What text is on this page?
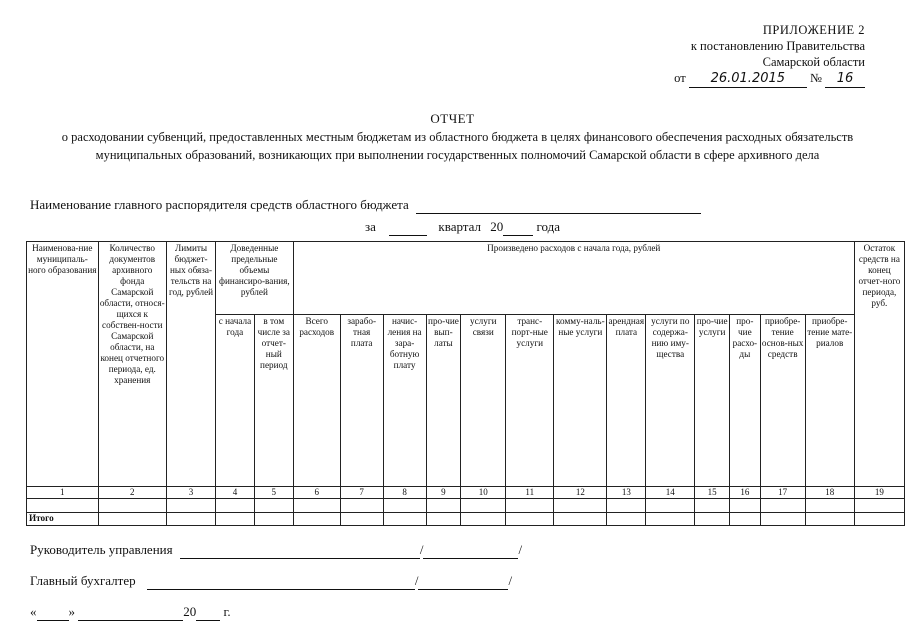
ПРИЛОЖЕНИЕ 2
к постановлению Правительства
Самарской области
от 26.01.2015 № 16
ОТЧЕТ
о расходовании субвенций, предоставленных местным бюджетам из областного бюджета в целях финансового обеспечения расходных обязательств муниципальных образований, возникающих при выполнении государственных полномочий Самарской области в сфере архивного дела
Наименование главного распорядителя средств областного бюджета
за	квартал 20	года
Наименова-ние муниципаль-ного образования	Количество документов архивного фонда Самарской области, относя-щихся к собствен-ности Самарской области, на конец отчетного периода, ед. хранения	Лимиты бюджет-ных обяза-тельств на год, рублей	Доведенные предельные объемы финансиро-вания, рублей		Произведено расходов с начала года, рублей													Остаток средств на конец отчет-ного периода, руб.
			с начала года	в том числе за отчет-ный период	Всего расходов	зарабо-тная плата	начис-ления на зара-ботную плату	про-чие вып-латы	услуги связи	транс-порт-ные услуги	комму-наль-ные услуги	арендная плата	услуги по содержа-нию иму-щества	про-чие услуги	про-чие расхо-ды	приобре-тение основ-ных средств	приобре-тение мате-риалов	
1	2	3	4	5	6	7	8	9	10	11	12	13	14	15	16	17	18	19

Итого																		
Руководитель управления	/	/
Главный бухгалтер	/	/
« »	20 г.
